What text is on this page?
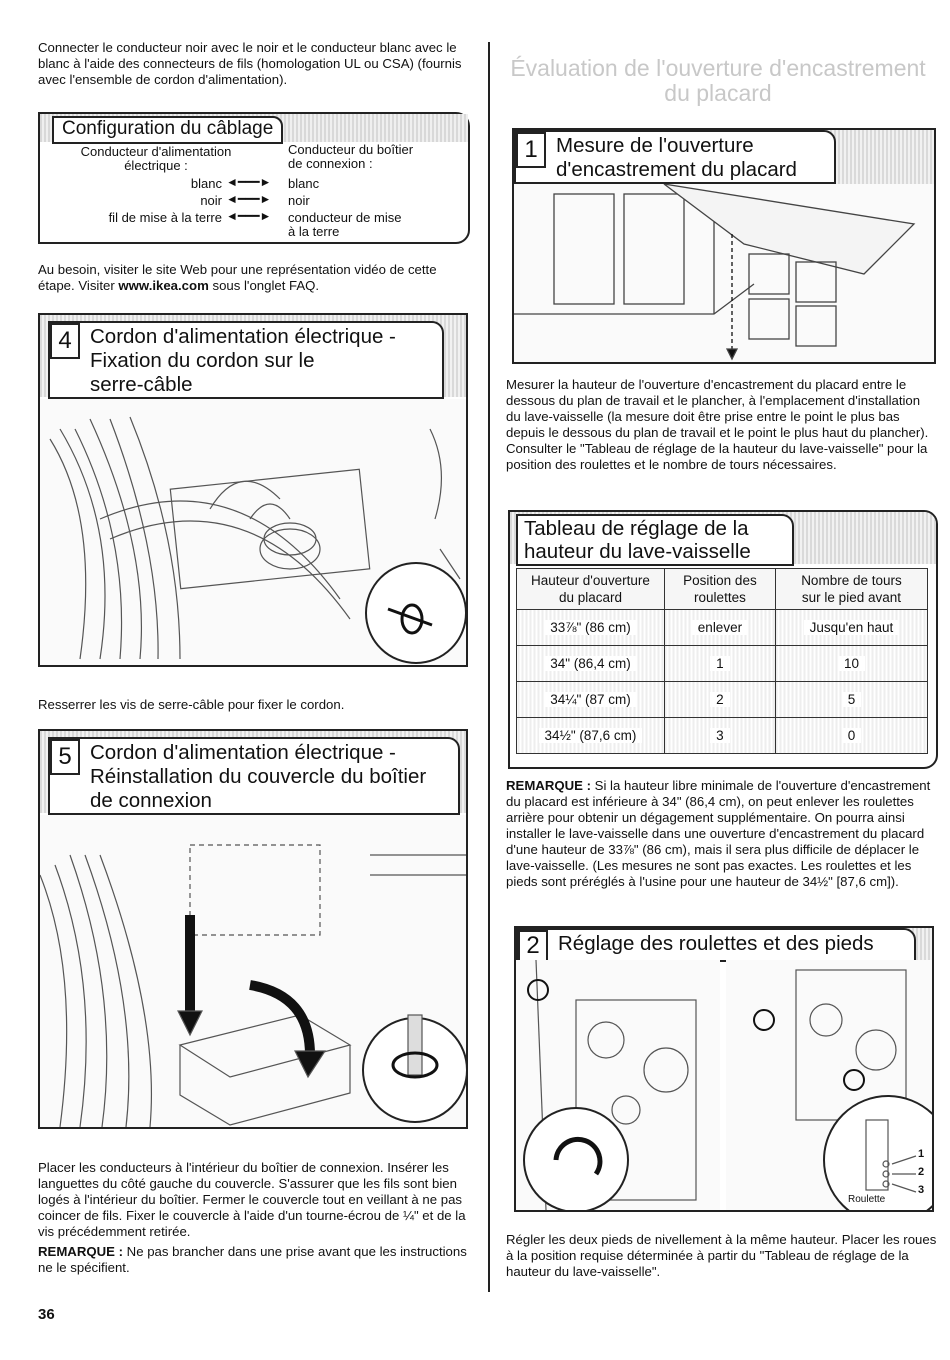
Connecter le conducteur noir avec le noir et le conducteur blanc avec le blanc à l'aide des connecteurs de fils (homologation UL ou CSA) (fournis avec l'ensemble de cordon d'alimentation).

Configuration du câblage
Conducteur d'alimentation
électrique :
Conducteur du boîtier
de connexion :
blanc ◄━━━► blanc
noir ◄━━━► noir
fil de mise à la terre ◄━━━► conducteur de mise
à la terre

Au besoin, visiter le site Web pour une représentation vidéo de cette étape. Visiter www.ikea.com sous l'onglet FAQ.

4 Cordon d'alimentation électrique -
Fixation du cordon sur le
serre-câble

Resserrer les vis de serre-câble pour fixer le cordon.

5 Cordon d'alimentation électrique -
Réinstallation du couvercle du boîtier
de connexion

Placer les conducteurs à l'intérieur du boîtier de connexion. Insérer les languettes du côté gauche du couvercle. S'assurer que les fils sont bien logés à l'intérieur du boîtier. Fermer le couvercle tout en veillant à ne pas coincer de fils. Fixer le couvercle à l'aide d'un tourne-écrou de ¼" et de la vis précédemment retirée.

REMARQUE : Ne pas brancher dans une prise avant que les instructions ne le spécifient.

36
Évaluation de l'ouverture d'encastrement
du placard
1 Mesure de l'ouverture
d'encastrement du placard

Mesurer la hauteur de l'ouverture d'encastrement du placard entre le dessous du plan de travail et le plancher, à l'emplacement d'installation du lave-vaisselle (la mesure doit être prise entre le point le plus bas depuis le dessous du plan de travail et le point le plus haut du plancher). Consulter le "Tableau de réglage de la hauteur du lave-vaisselle" pour la position des roulettes et le nombre de tours nécessaires.

Tableau de réglage de la
hauteur du lave-vaisselle
Hauteur d'ouverture
du placard	Position des
roulettes	Nombre de tours
sur le pied avant
33⅞" (86 cm)	enlever	Jusqu'en haut
34" (86,4 cm)	1	10
34¼" (87 cm)	2	5
34½" (87,6 cm)	3	0

REMARQUE : Si la hauteur libre minimale de l'ouverture d'encastrement du placard est inférieure à 34" (86,4 cm), on peut enlever les roulettes arrière pour obtenir un dégagement supplémentaire. On pourra ainsi installer le lave-vaisselle dans une ouverture d'encastrement du placard d'une hauteur de 33⅞" (86 cm), mais il sera plus difficile de déplacer le lave-vaisselle. (Les mesures ne sont pas exactes. Les roulettes et les pieds sont préréglés à l'usine pour une hauteur de 34½" [87,6 cm]).

2 Réglage des roulettes et des pieds
1
2
3
Roulette

Régler les deux pieds de nivellement à la même hauteur. Placer les roues à la position requise déterminée à partir du "Tableau de réglage de la hauteur du lave-vaisselle".
